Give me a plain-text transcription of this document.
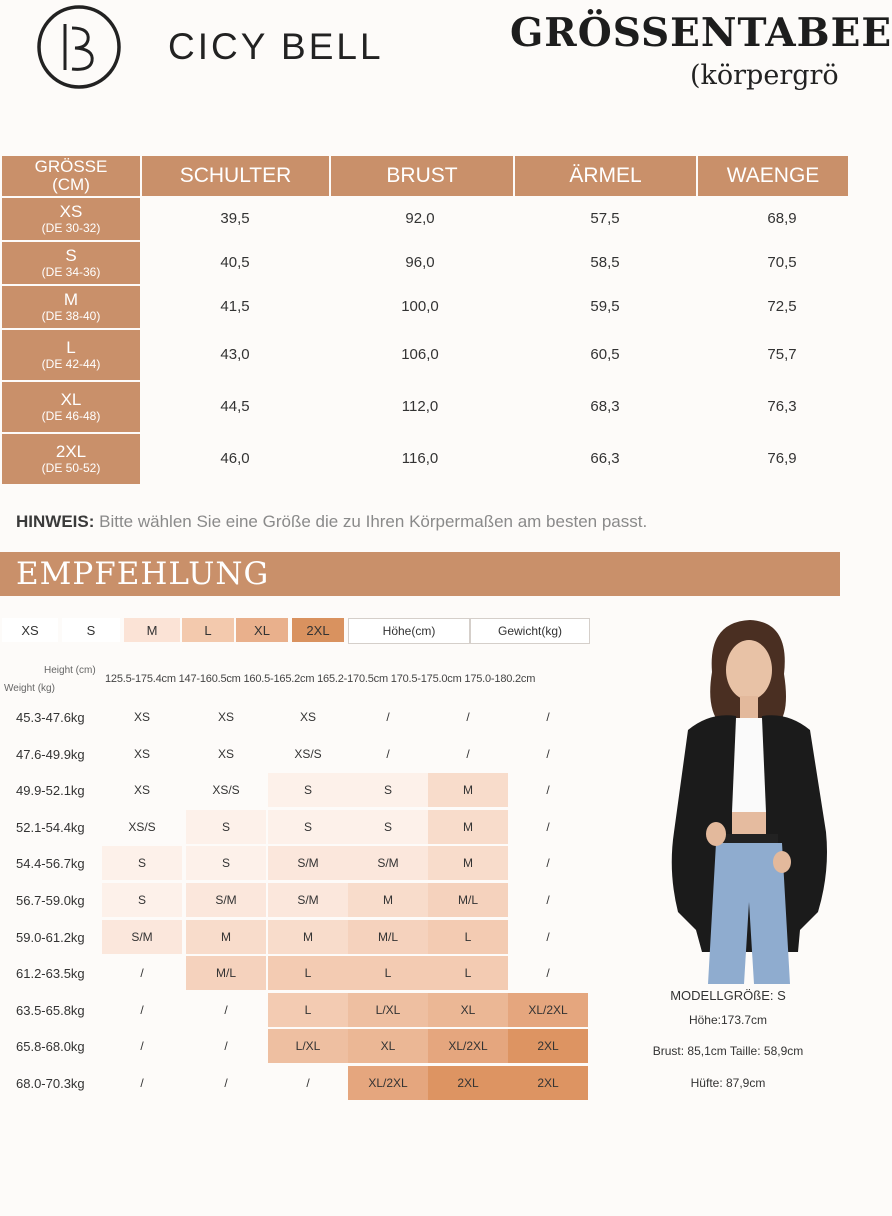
CICY BELL	GRÖSSENTABEE
(körpergrö
GRÖSSE
(CM)	SCHULTER	BRUST	ÄRMEL	WAENGE
XS
(DE 30-32)
39,5	92,0	57,5	68,9
S
(DE 34-36)
40,5	96,0	58,5	70,5
M
(DE 38-40)
41,5	100,0	59,5	72,5
L
(DE 42-44)
43,0	106,0	60,5	75,7
XL
(DE 46-48)
44,5	112,0	68,3	76,3
2XL
(DE 50-52)
46,0	116,0	66,3	76,9
HINWEIS: Bitte wählen Sie eine Größe die zu Ihren Körpermaßen am besten passt.
EMPFEHLUNG
XS	S	M	L	XL	2XL	Höhe(cm)	Gewicht(kg)
Height (cm)
Weight (kg)
125.5-175.4cm 147-160.5cm 160.5-165.2cm 165.2-170.5cm 170.5-175.0cm 175.0-180.2cm
45.3-47.6kg	XS	XS	XS	/	/	/
47.6-49.9kg	XS	XS	XS/S	/	/	/
49.9-52.1kg	XS	XS/S	S	S	M	/
52.1-54.4kg	XS/S	S	S	S	M	/
54.4-56.7kg	S	S	S/M	S/M	M	/
56.7-59.0kg	S	S/M	S/M	M	M/L	/
59.0-61.2kg	S/M	M	M	M/L	L	/
61.2-63.5kg	/	M/L	L	L	L	/
63.5-65.8kg	/	/	L	L/XL	XL	XL/2XL
65.8-68.0kg	/	/	L/XL	XL	XL/2XL	2XL
68.0-70.3kg	/	/	/	XL/2XL	2XL	2XL
MODELLGRÖßE: S
Höhe:173.7cm
Brust: 85,1cm Taille: 58,9cm
Hüfte: 87,9cm
